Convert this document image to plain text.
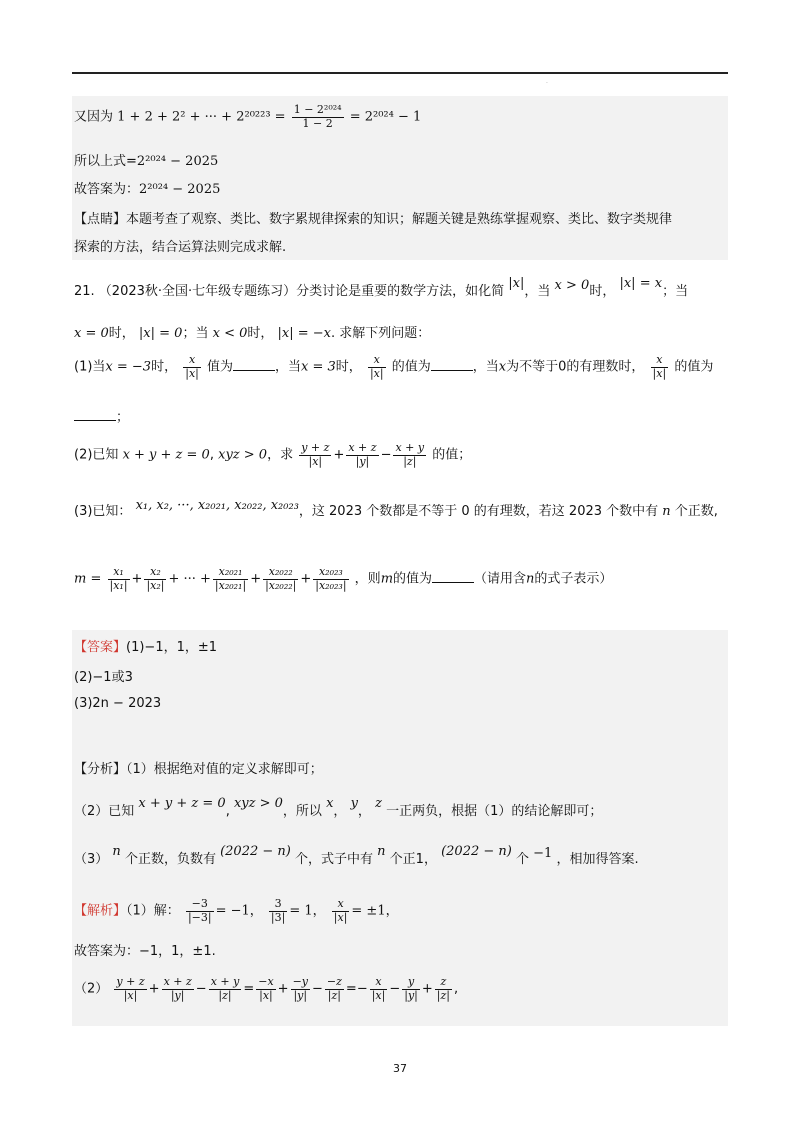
·
又因为 1 + 2 + 2² + ··· + $2^{20223} = \frac{\text{1 − 2²⁰²⁴}}{1 - 2} = 2^{2024} - 1$
所以上式=2²⁰²⁴ − 2025
故答案为：2²⁰²⁴ − 2025
【点睛】本题考查了观察、类比、数字累规律探索的知识；解题关键是熟练掌握观察、类比、数字类规律
探索的方法，结合运算法则完成求解.
21. （2023秋·全国·七年级专题练习）分类讨论是重要的数学方法，如化简 |x|，当 x > 0时， |x| = x；当
x = 0时， |x| = 0；当 x < 0时， |x| = −x. 求解下列问题：
(1)当x = −3时， $\frac{x}{|x|}$ 值为	，当x = 3时， $\frac{x}{|x|}$ 的值为	，当x为不等于0的有理数时， $\frac{x}{|x|}$ 的值为
；
(2)已知 x + y + z = 0, xyz > 0，求 $\frac{y + z}{|x|} + \frac{x + z}{|y|} - \frac{x + y}{|z|}$ 的值；
(3)已知： x₁, x₂, ···, x₂₀₂₁, x₂₀₂₂, x₂₀₂₃，这 2023 个数都是不等于 0 的有理数，若这 2023 个数中有 n 个正数,
$m = \frac{\text{x₁}}{\text{|x₁|}} + \frac{\text{x₂}}{\text{|x₂|}}$ + ··· + $\frac{\text{x₂₀₂₁}}{\text{|x₂₀₂₁|}} + \frac{\text{x₂₀₂₂}}{\text{|x₂₀₂₂|}} + \frac{\text{x₂₀₂₃}}{\text{|x₂₀₂₃|}}$ ，则m的值为	（请用含n的式子表示）
【答案】(1)−1，1，±1
(2)−1或3
(3)2n − 2023
【分析】（1）根据绝对值的定义求解即可；
（2）已知 x + y + z = 0, xyz > 0，所以 x， y， z 一正两负，根据（1）的结论解即可；
（3） n 个正数，负数有 (2022 − n) 个，式子中有 n 个正1， (2022 − n) 个 −1 ，相加得答案.
【解析】（1）解： $\frac{-3}{|-3|} = -1$， $\frac{3}{|3|} = 1$， $\frac{x}{|x|} = \pm 1$，
故答案为：−1，1，±1.
$(2) \frac{y + z}{|x|} + \frac{x + z}{|y|} - \frac{x + y}{|z|} = \frac{-x}{|x|} + \frac{-y}{|y|} - \frac{-z}{|z|} =- \frac{x}{|x|} - \frac{y}{|y|} + \frac{z}{|z|}$ ,
37
